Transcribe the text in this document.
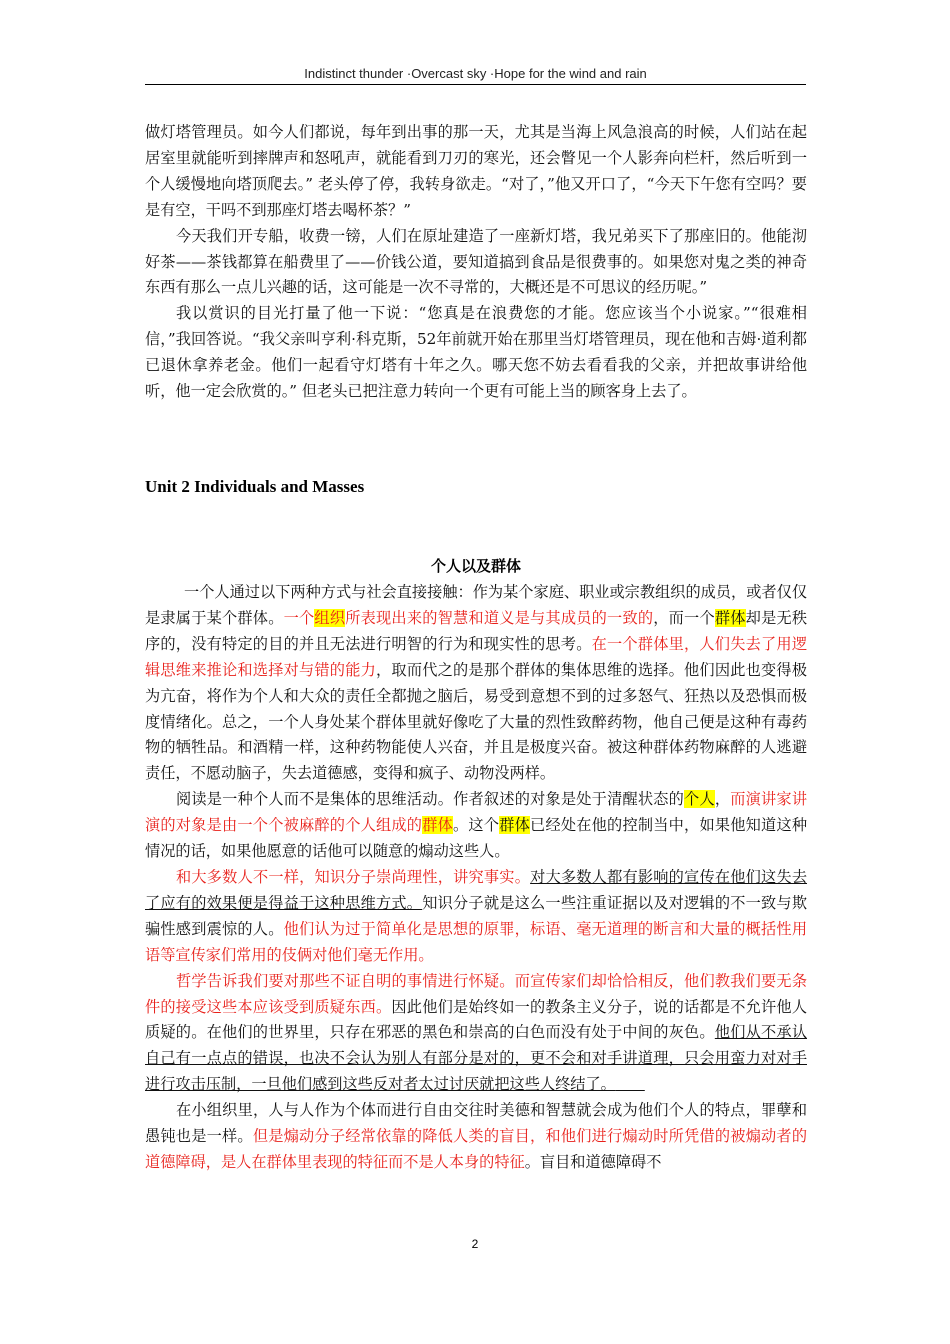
Indistinct thunder ·Overcast sky ·Hope for the wind and rain

做灯塔管理员。如今人们都说，每年到出事的那一天，尤其是当海上风急浪高的时候，人们站在起居室里就能听到摔牌声和怒吼声，就能看到刀刃的寒光，还会瞥见一个人影奔向栏杆，然后听到一个人缓慢地向塔顶爬去。” 老头停了停，我转身欲走。“对了，”他又开口了，“今天下午您有空吗？要是有空，干吗不到那座灯塔去喝杯茶？”

今天我们开专船，收费一镑，人们在原址建造了一座新灯塔，我兄弟买下了那座旧的。他能沏好茶——茶钱都算在船费里了——价钱公道，要知道搞到食品是很费事的。如果您对鬼之类的神奇东西有那么一点儿兴趣的话，这可能是一次不寻常的，大概还是不可思议的经历呢。”

我以赏识的目光打量了他一下说：“您真是在浪费您的才能。您应该当个小说家。”“很难相信，”我回答说。“我父亲叫亨利·科克斯，52年前就开始在那里当灯塔管理员，现在他和吉姆·道利都已退休拿养老金。他们一起看守灯塔有十年之久。哪天您不妨去看看我的父亲，并把故事讲给他听，他一定会欣赏的。” 但老头已把注意力转向一个更有可能上当的顾客身上去了。

Unit 2 Individuals and Masses
个人以及群体

一个人通过以下两种方式与社会直接接触：作为某个家庭、职业或宗教组织的成员，或者仅仅是隶属于某个群体。一个组织所表现出来的智慧和道义是与其成员的一致的，而一个群体却是无秩序的，没有特定的目的并且无法进行明智的行为和现实性的思考。在一个群体里，人们失去了用逻辑思维来推论和选择对与错的能力，取而代之的是那个群体的集体思维的选择。他们因此也变得极为亢奋，将作为个人和大众的责任全都抛之脑后，易受到意想不到的过多怒气、狂热以及恐惧而极度情绪化。总之，一个人身处某个群体里就好像吃了大量的烈性致醉药物，他自己便是这种有毒药物的牺牲品。和酒精一样，这种药物能使人兴奋，并且是极度兴奋。被这种群体药物麻醉的人逃避责任，不愿动脑子，失去道德感，变得和疯子、动物没两样。

阅读是一种个人而不是集体的思维活动。作者叙述的对象是处于清醒状态的个人，而演讲家讲演的对象是由一个个被麻醉的个人组成的群体。这个群体已经处在他的控制当中，如果他知道这种情况的话，如果他愿意的话他可以随意的煽动这些人。

和大多数人不一样，知识分子崇尚理性，讲究事实。对大多数人都有影响的宣传在他们这失去了应有的效果便是得益于这种思维方式。知识分子就是这么一些注重证据以及对逻辑的不一致与欺骗性感到震惊的人。他们认为过于简单化是思想的原罪，标语、毫无道理的断言和大量的概括性用语等宣传家们常用的伎俩对他们毫无作用。

哲学告诉我们要对那些不证自明的事情进行怀疑。而宣传家们却恰恰相反，他们教我们要无条件的接受这些本应该受到质疑东西。因此他们是始终如一的教条主义分子，说的话都是不允许他人质疑的。在他们的世界里，只存在邪恶的黑色和崇高的白色而没有处于中间的灰色。他们从不承认自己有一点点的错误，也决不会认为别人有部分是对的，更不会和对手讲道理，只会用蛮力对对手进行攻击压制，一旦他们感到这些反对者太过讨厌就把这些人终结了。

在小组织里，人与人作为个体而进行自由交往时美德和智慧就会成为他们个人的特点，罪孽和愚钝也是一样。但是煽动分子经常依靠的降低人类的盲目，和他们进行煽动时所凭借的被煽动者的道德障碍，是人在群体里表现的特征而不是人本身的特征。盲目和道德障碍不

2
